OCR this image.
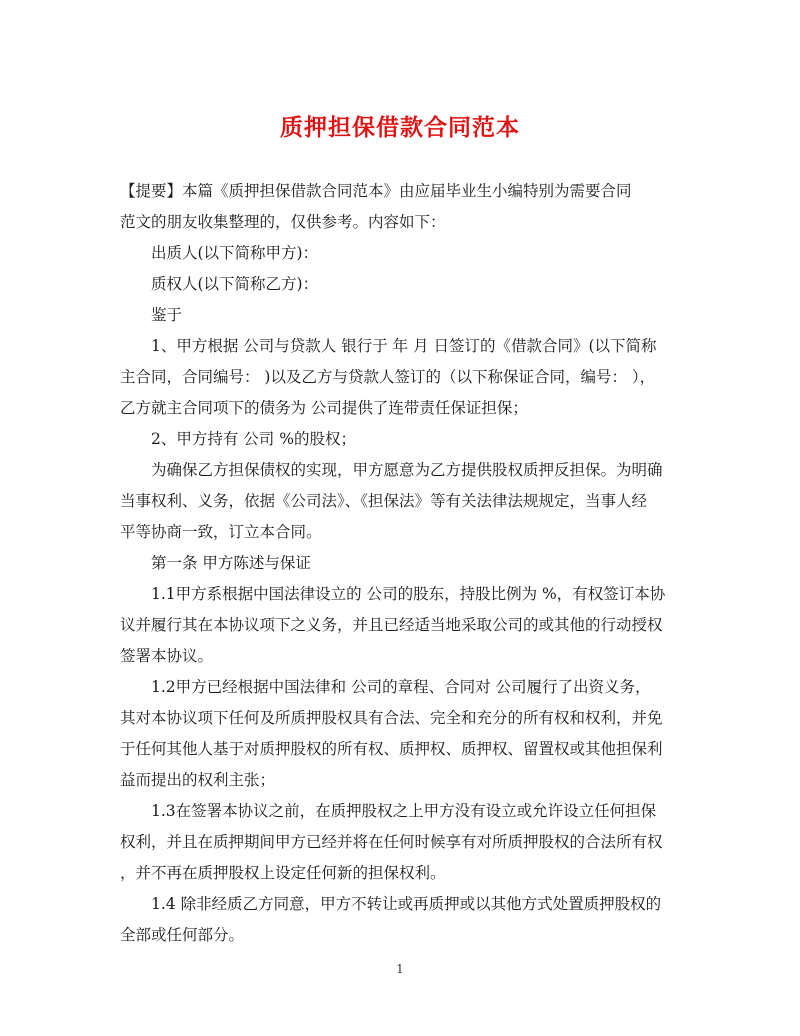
质押担保借款合同范本
【提要】本篇《质押担保借款合同范本》由应届毕业生小编特别为需要合同
范文的朋友收集整理的，仅供参考。内容如下：
出质人(以下简称甲方)：
质权人(以下简称乙方)：
鉴于
1、甲方根据 公司与贷款人 银行于 年 月 日签订的《借款合同》(以下简称
主合同，合同编号： )以及乙方与贷款人签订的（以下称保证合同，编号： ），
乙方就主合同项下的债务为 公司提供了连带责任保证担保；
2、甲方持有 公司 %的股权；
为确保乙方担保债权的实现，甲方愿意为乙方提供股权质押反担保。为明确
当事权利、义务，依据《公司法》、《担保法》等有关法律法规规定，当事人经
平等协商一致，订立本合同。
第一条 甲方陈述与保证
1.1甲方系根据中国法律设立的 公司的股东，持股比例为 %，有权签订本协
议并履行其在本协议项下之义务，并且已经适当地采取公司的或其他的行动授权
签署本协议。
1.2甲方已经根据中国法律和 公司的章程、合同对 公司履行了出资义务，
其对本协议项下任何及所质押股权具有合法、完全和充分的所有权和权利，并免
于任何其他人基于对质押股权的所有权、质押权、质押权、留置权或其他担保利
益而提出的权利主张；
1.3在签署本协议之前，在质押股权之上甲方没有设立或允许设立任何担保
权利，并且在质押期间甲方已经并将在任何时候享有对所质押股权的合法所有权
，并不再在质押股权上设定任何新的担保权利。
1.4 除非经质乙方同意，甲方不转让或再质押或以其他方式处置质押股权的
全部或任何部分。
1
